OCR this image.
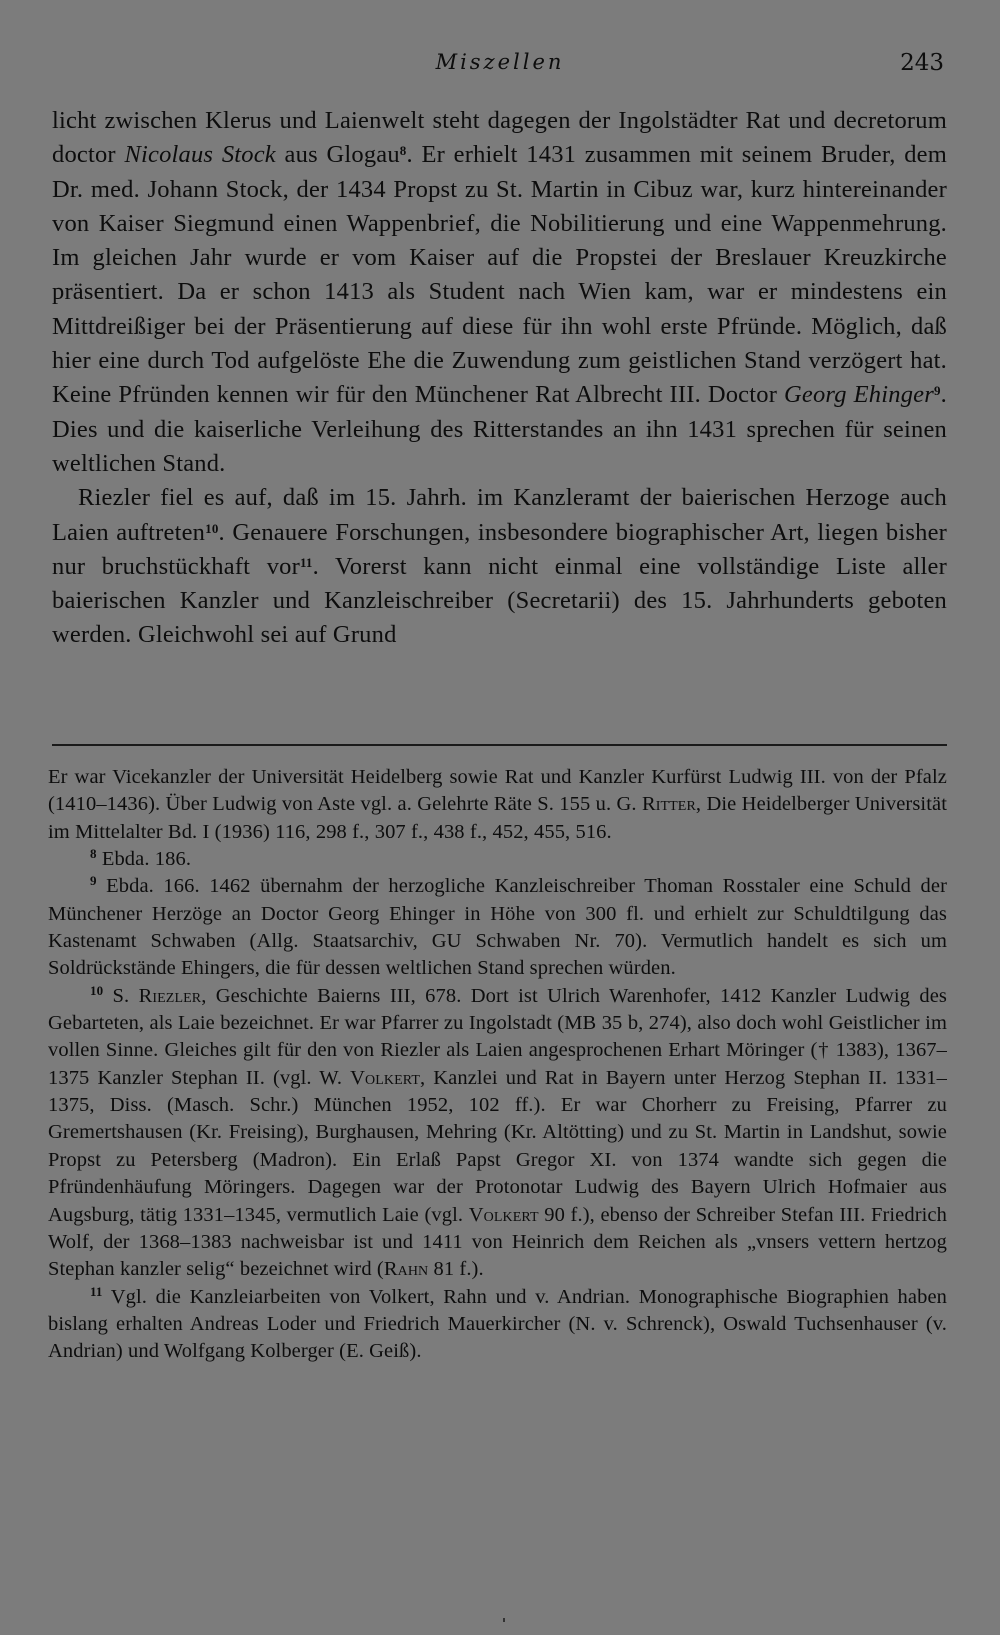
Miszellen	243

licht zwischen Klerus und Laienwelt steht dagegen der Ingolstädter Rat und decretorum doctor Nicolaus Stock aus Glogau$^8$. Er erhielt 1431 zusammen mit seinem Bruder, dem Dr. med. Johann Stock, der 1434 Propst zu St. Martin in Cibuz war, kurz hintereinander von Kaiser Siegmund einen Wappenbrief, die Nobilitierung und eine Wappenmehrung. Im gleichen Jahr wurde er vom Kaiser auf die Propstei der Breslauer Kreuzkirche präsentiert. Da er schon 1413 als Student nach Wien kam, war er mindestens ein Mittdreißiger bei der Präsentierung auf diese für ihn wohl erste Pfründe. Möglich, daß hier eine durch Tod aufgelöste Ehe die Zuwendung zum geistlichen Stand verzögert hat. Keine Pfründen kennen wir für den Münchener Rat Albrecht III. Doctor Georg Ehinger$^9$. Dies und die kaiserliche Verleihung des Ritterstandes an ihn 1431 sprechen für seinen weltlichen Stand.

Riezler fiel es auf, daß im 15. Jahrh. im Kanzleramt der baierischen Herzoge auch Laien auftreten$^{10}$. Genauere Forschungen, insbesondere biographischer Art, liegen bisher nur bruchstückhaft vor$^{11}$. Vorerst kann nicht einmal eine vollständige Liste aller baierischen Kanzler und Kanzleischreiber (Secretarii) des 15. Jahrhunderts geboten werden. Gleichwohl sei auf Grund

Er war Vicekanzler der Universität Heidelberg sowie Rat und Kanzler Kurfürst Ludwig III. von der Pfalz (1410–1436). Über Ludwig von Aste vgl. a. Gelehrte Räte S. 155 u. G. Ritter, Die Heidelberger Universität im Mittelalter Bd. I (1936) 116, 298 f., 307 f., 438 f., 452, 455, 516.

$^8$ Ebda. 186.

$^9$ Ebda. 166. 1462 übernahm der herzogliche Kanzleischreiber Thoman Rosstaler eine Schuld der Münchener Herzöge an Doctor Georg Ehinger in Höhe von 300 fl. und erhielt zur Schuldtilgung das Kastenamt Schwaben (Allg. Staatsarchiv, GU Schwaben Nr. 70). Vermutlich handelt es sich um Soldrückstände Ehingers, die für dessen weltlichen Stand sprechen würden.

$^{10}$ S. Riezler, Geschichte Baierns III, 678. Dort ist Ulrich Warenhofer, 1412 Kanzler Ludwig des Gebarteten, als Laie bezeichnet. Er war Pfarrer zu Ingolstadt (MB 35 b, 274), also doch wohl Geistlicher im vollen Sinne. Gleiches gilt für den von Riezler als Laien angesprochenen Erhart Möringer († 1383), 1367–1375 Kanzler Stephan II. (vgl. W. Volkert, Kanzlei und Rat in Bayern unter Herzog Stephan II. 1331–1375, Diss. (Masch. Schr.) München 1952, 102 ff.). Er war Chorherr zu Freising, Pfarrer zu Gremertshausen (Kr. Freising), Burghausen, Mehring (Kr. Altötting) und zu St. Martin in Landshut, sowie Propst zu Petersberg (Madron). Ein Erlaß Papst Gregor XI. von 1374 wandte sich gegen die Pfründenhäufung Möringers. Dagegen war der Protonotar Ludwig des Bayern Ulrich Hofmaier aus Augsburg, tätig 1331–1345, vermutlich Laie (vgl. Volkert 90 f.), ebenso der Schreiber Stefan III. Friedrich Wolf, der 1368–1383 nachweisbar ist und 1411 von Heinrich dem Reichen als „vnsers vettern hertzog Stephan kanzler selig“ bezeichnet wird (Rahn 81 f.).

$^{11}$ Vgl. die Kanzleiarbeiten von Volkert, Rahn und v. Andrian. Monographische Biographien haben bislang erhalten Andreas Loder und Friedrich Mauerkircher (N. v. Schrenck), Oswald Tuchsenhauser (v. Andrian) und Wolfgang Kolberger (E. Geiß).
